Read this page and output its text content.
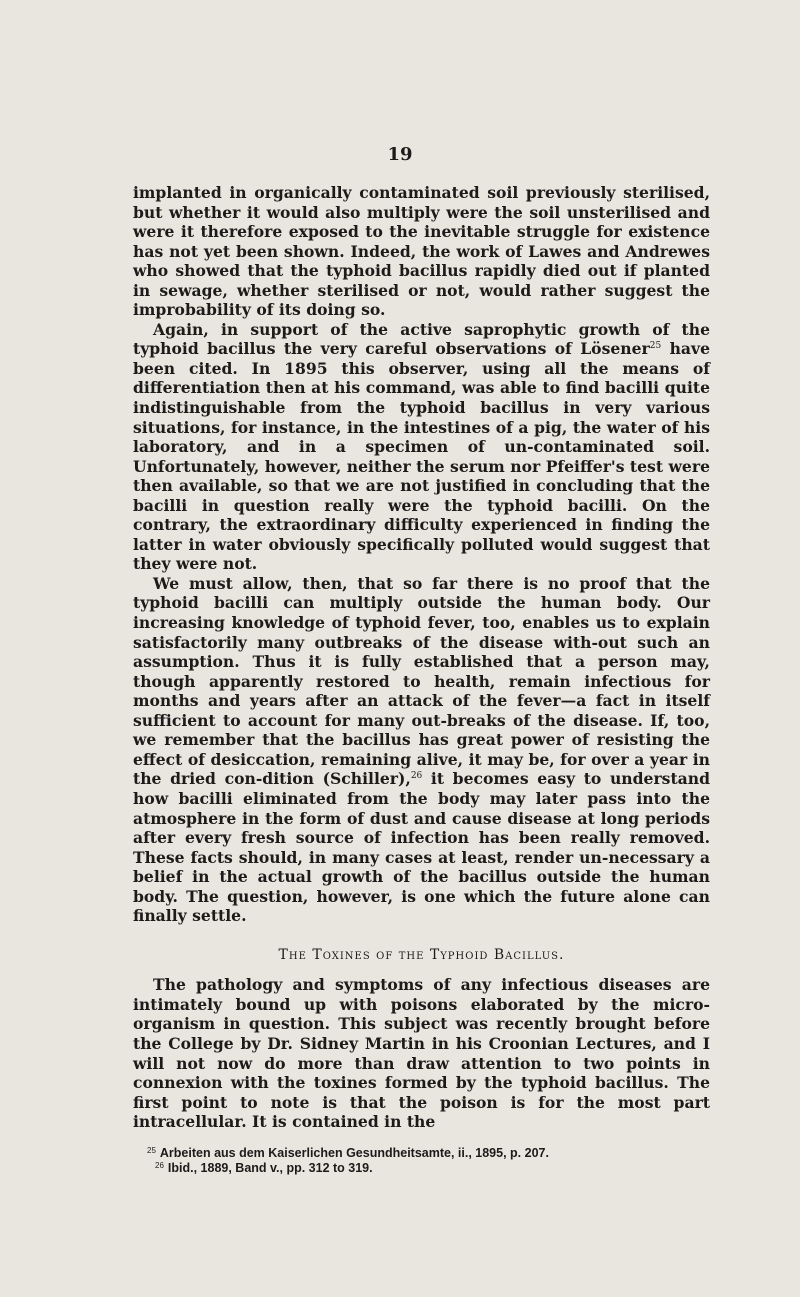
19

implanted in organically contaminated soil previously sterilised, but whether it would also multiply were the soil unsterilised and were it therefore exposed to the inevitable struggle for existence has not yet been shown. Indeed, the work of Lawes and Andrewes who showed that the typhoid bacillus rapidly died out if planted in sewage, whether sterilised or not, would rather suggest the improbability of its doing so.

Again, in support of the active saprophytic growth of the typhoid bacillus the very careful observations of Lösener$^{25}$ have been cited. In 1895 this observer, using all the means of differentiation then at his command, was able to find bacilli quite indistinguishable from the typhoid bacillus in very various situations, for instance, in the intestines of a pig, the water of his laboratory, and in a specimen of un-contaminated soil. Unfortunately, however, neither the serum nor Pfeiffer's test were then available, so that we are not justified in concluding that the bacilli in question really were the typhoid bacilli. On the contrary, the extraordinary difficulty experienced in finding the latter in water obviously specifically polluted would suggest that they were not.

We must allow, then, that so far there is no proof that the typhoid bacilli can multiply outside the human body. Our increasing knowledge of typhoid fever, too, enables us to explain satisfactorily many outbreaks of the disease with-out such an assumption. Thus it is fully established that a person may, though apparently restored to health, remain infectious for months and years after an attack of the fever—a fact in itself sufficient to account for many out-breaks of the disease. If, too, we remember that the bacillus has great power of resisting the effect of desiccation, remaining alive, it may be, for over a year in the dried con-dition (Schiller),$^{26}$ it becomes easy to understand how bacilli eliminated from the body may later pass into the atmosphere in the form of dust and cause disease at long periods after every fresh source of infection has been really removed. These facts should, in many cases at least, render un-necessary a belief in the actual growth of the bacillus outside the human body. The question, however, is one which the future alone can finally settle.

The Toxines of the Typhoid Bacillus.

The pathology and symptoms of any infectious diseases are intimately bound up with poisons elaborated by the micro-organism in question. This subject was recently brought before the College by Dr. Sidney Martin in his Croonian Lectures, and I will not now do more than draw attention to two points in connexion with the toxines formed by the typhoid bacillus. The first point to note is that the poison is for the most part intracellular. It is contained in the

$^{25}$ Arbeiten aus dem Kaiserlichen Gesundheitsamte, ii., 1895, p. 207.
$^{26}$ Ibid., 1889, Band v., pp. 312 to 319.
